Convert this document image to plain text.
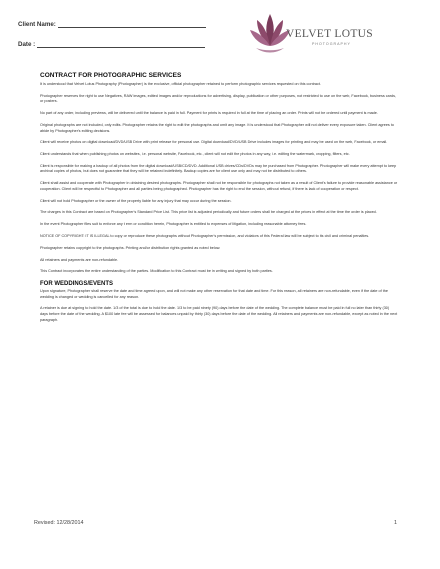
Client Name:
Date :
VELVET LOTUS
PHOTOGRAPHY
CONTRACT FOR PHOTOGRAPHIC SERVICES

It is understood that Velvet Lotus Photography (Photographer) is the exclusive, official photographer retained to perform photographic services requested on this contract.

Photographer reserves the right to use Negatives, RAW images, edited images and/or reproductions for advertising, display, publication or other purposes, not restricted to use on the web, Facebook, business cards, or posters.

No part of any order, including previews, will be delivered until the balance is paid in full. Payment for prints is required in full at the time of placing an order. Prints will not be ordered until payment is made.

Original photographs are not included, only edits. Photographer retains the right to edit the photographs and omit any image. It is understood that Photographer will not deliver every exposure taken. Client agrees to abide by Photographer's editing decisions.

Client will receive photos on digital download/DVD/USB Drive with print release for personal use. Digital download/DVD/USB Drive includes images for printing and may be used on the web, Facebook, or email.

Client understands that when publishing photos on websites, i.e. personal website, Facebook, etc., client will not edit the photos in any way, i.e. editing the watermark, cropping, filters, etc.

Client is responsible for making a backup of all photos from the digital download/USB/CD/DVD. Additional USB drives/CDs/DVDs may be purchased from Photographer. Photographer will make every attempt to keep archival copies of photos, but does not guarantee that they will be retained indefinitely. Backup copies are for client use only and may not be distributed to others.

Client shall assist and cooperate with Photographer in obtaining desired photographs. Photographer shall not be responsible for photographs not taken as a result of Client's failure to provide reasonable assistance or cooperation. Client will be respectful to Photographer and all parties being photographed. Photographer has the right to end the session, without refund, if there is lack of cooperation or respect.

Client will not hold Photographer or the owner of the property liable for any injury that may occur during the session.

The charges in this Contract are based on Photographer's Standard Price List. This price list is adjusted periodically and future orders shall be charged at the prices in effect at the time the order is placed.

In the event Photographer files suit to enforce any t erm or condition herein, Photographer is entitled to expenses of litigation, including reasonable attorney fees.

NOTICE OF COPYRIGHT: IT IS ILLEGAL to copy or reproduce these photographs without Photographer's permission, and violators of this Federal law will be subject to its civil and criminal penalties.

Photographer retains copyright to the photographs. Printing and/or distribution rights granted as noted below.

All retainers and payments are non-refundable.

This Contract incorporates the entire understanding of the parties. Modification to this Contract must be in writing and signed by both parties.

FOR WEDDINGS/EVENTS

Upon signature, Photographer shall reserve the date and time agreed upon, and will not make any other reservation for that date and time. For this reason, all retainers are non-refundable, even if the date of the wedding is changed or wedding is cancelled for any reason.

A retainer is due at signing to hold the date. 1/3 of the total is due to hold the date. 1/3 to be paid ninety (90) days before the date of the wedding. The complete balance must be paid in full no later than thirty (30) days before the date of the wedding. A $100 late fee will be assessed for balances unpaid by thirty (30) days before the date of the wedding. All retainers and payments are non-refundable, except as noted in the next paragraph.

Revised: 12/28/2014	1
